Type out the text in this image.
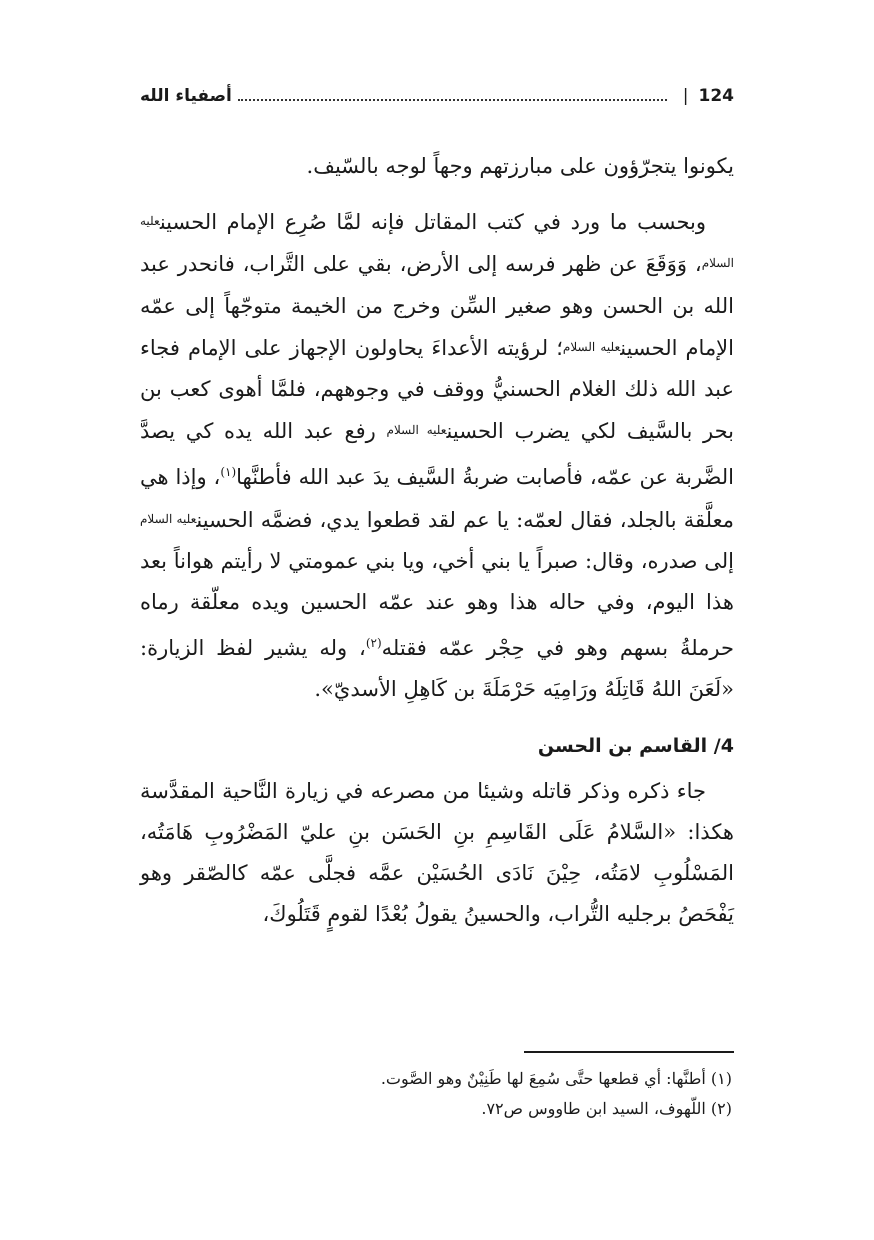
124
|
أصفياء الله

يكونوا يتجرّؤون على مبارزتهم وجهاً لوجه بالسّيف.

وبحسب ما ورد في كتب المقاتل فإنه لمَّا صُرِع الإمام الحسينعليه السلام، وَوَقَعَ عن ظهر فرسه إلى الأرض، بقي على التَّراب، فانحدر عبد الله بن الحسن وهو صغير السِّن وخرج من الخيمة متوجّهاً إلى عمّه الإمام الحسينعليه السلام؛ لرؤيته الأعداءَ يحاولون الإجهاز على الإمام فجاء عبد الله ذلك الغلام الحسنيُّ ووقف في وجوههم، فلمَّا أهوى كعب بن بحر بالسَّيف لكي يضرب الحسينعليه السلام رفع عبد الله يده كي يصدَّ الضَّربة عن عمّه، فأصابت ضربةُ السَّيف يدَ عبد الله فأطنَّها$^{(١)}$، وإذا هي معلَّقة بالجلد، فقال لعمّه: يا عم لقد قطعوا يدي، فضمَّه الحسينعليه السلام إلى صدره، وقال: صبراً يا بني أخي، ويا بني عمومتي لا رأيتم هواناً بعد هذا اليوم، وفي حاله هذا وهو عند عمّه الحسين ويده معلّقة رماه حرملةُ بسهم وهو في حِجْر عمّه فقتله$^{(٢)}$، وله يشير لفظ الزيارة: «لَعَنَ اللهُ قَاتِلَهُ ورَامِيَه حَرْمَلَةَ بن كَاهِلِ الأسديّ».

4/ القاسم بن الحسن

جاء ذكره وذكر قاتله وشيئا من مصرعه في زيارة النَّاحية المقدَّسة هكذا: «السَّلامُ عَلَى القَاسِمِ بنِ الحَسَن بنِ عليّ المَضْرُوبِ هَامَتُه، المَسْلُوبِ لامَتُه، حِيْنَ نَادَى الحُسَيْن عمَّه فجلَّى عمّه كالصّقر وهو يَفْحَصُ برجليه التُّراب، والحسينُ يقولُ بُعْدًا لقومٍ قَتَلُوكَ،

(١) أطنَّها: أي قطعها حتَّى سُمِعَ لها طَنِيْنٌ وهو الصَّوت.

(٢) اللّهوف، السيد ابن طاووس ص٧٢.
